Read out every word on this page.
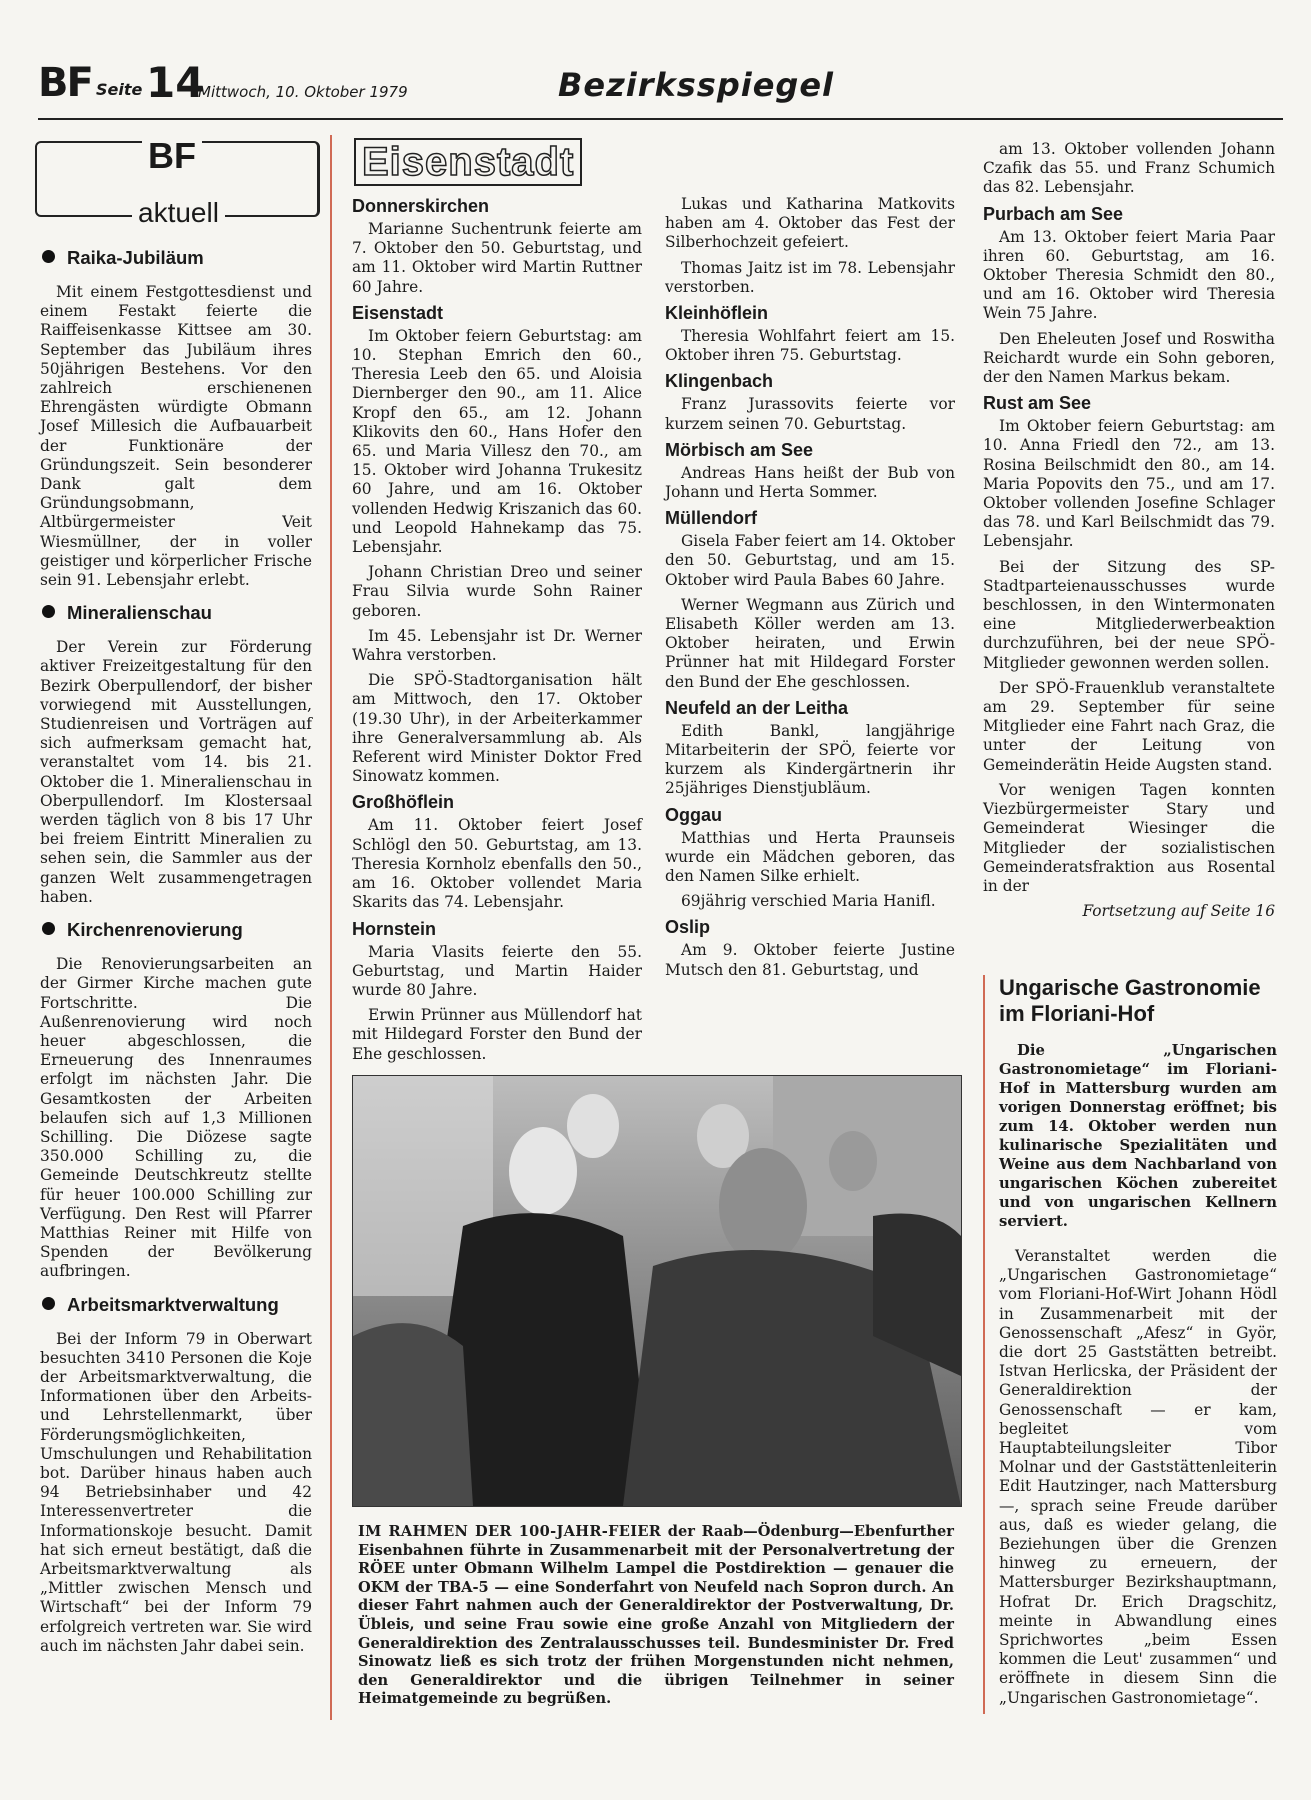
BF Seite 14
Mittwoch, 10. Oktober 1979	Bezirksspiegel
BF
aktuell
Raika-Jubiläum

Mit einem Festgottesdienst und einem Festakt feierte die Raiffeisenkasse Kittsee am 30. September das Jubiläum ihres 50jährigen Bestehens. Vor den zahlreich erschienenen Ehrengästen würdigte Obmann Josef Millesich die Aufbauarbeit der Funktionäre der Gründungszeit. Sein besonderer Dank galt dem Gründungsobmann, Altbürgermeister Veit Wiesmüllner, der in voller geistiger und körperlicher Frische sein 91. Lebensjahr erlebt.

Mineralienschau

Der Verein zur Förderung aktiver Freizeitgestaltung für den Bezirk Oberpullendorf, der bisher vorwiegend mit Ausstellungen, Studienreisen und Vorträgen auf sich aufmerksam gemacht hat, veranstaltet vom 14. bis 21. Oktober die 1. Mineralienschau in Oberpullendorf. Im Klostersaal werden täglich von 8 bis 17 Uhr bei freiem Eintritt Mineralien zu sehen sein, die Sammler aus der ganzen Welt zusammengetragen haben.

Kirchenrenovierung

Die Renovierungsarbeiten an der Girmer Kirche machen gute Fortschritte. Die Außenrenovierung wird noch heuer abgeschlossen, die Erneuerung des Innenraumes erfolgt im nächsten Jahr. Die Gesamtkosten der Arbeiten belaufen sich auf 1,3 Millionen Schilling. Die Diözese sagte 350.000 Schilling zu, die Gemeinde Deutschkreutz stellte für heuer 100.000 Schilling zur Verfügung. Den Rest will Pfarrer Matthias Reiner mit Hilfe von Spenden der Bevölkerung aufbringen.

Arbeitsmarktverwaltung

Bei der Inform 79 in Oberwart besuchten 3410 Personen die Koje der Arbeitsmarktverwaltung, die Informationen über den Arbeits- und Lehrstellenmarkt, über Förderungsmöglichkeiten, Umschulungen und Rehabilitation bot. Darüber hinaus haben auch 94 Betriebsinhaber und 42 Interessenvertreter die Informationskoje besucht. Damit hat sich erneut bestätigt, daß die Arbeitsmarktverwaltung als „Mittler zwischen Mensch und Wirtschaft“ bei der Inform 79 erfolgreich vertreten war. Sie wird auch im nächsten Jahr dabei sein.

Eisenstadt
Donnerskirchen

Marianne Suchentrunk feierte am 7. Oktober den 50. Geburtstag, und am 11. Oktober wird Martin Ruttner 60 Jahre.

Eisenstadt

Im Oktober feiern Geburtstag: am 10. Stephan Emrich den 60., Theresia Leeb den 65. und Aloisia Diernberger den 90., am 11. Alice Kropf den 65., am 12. Johann Klikovits den 60., Hans Hofer den 65. und Maria Villesz den 70., am 15. Oktober wird Johanna Trukesitz 60 Jahre, und am 16. Oktober vollenden Hedwig Kriszanich das 60. und Leopold Hahnekamp das 75. Lebensjahr.

Johann Christian Dreo und seiner Frau Silvia wurde Sohn Rainer geboren.

Im 45. Lebensjahr ist Dr. Werner Wahra verstorben.

Die SPÖ-Stadtorganisation hält am Mittwoch, den 17. Oktober (19.30 Uhr), in der Arbeiterkammer ihre Generalversammlung ab. Als Referent wird Minister Doktor Fred Sinowatz kommen.

Großhöflein

Am 11. Oktober feiert Josef Schlögl den 50. Geburtstag, am 13. Theresia Kornholz ebenfalls den 50., am 16. Oktober vollendet Maria Skarits das 74. Lebensjahr.

Hornstein

Maria Vlasits feierte den 55. Geburtstag, und Martin Haider wurde 80 Jahre.

Erwin Prünner aus Müllendorf hat mit Hildegard Forster den Bund der Ehe geschlossen.

Lukas und Katharina Matkovits haben am 4. Oktober das Fest der Silberhochzeit gefeiert.

Thomas Jaitz ist im 78. Lebensjahr verstorben.

Kleinhöflein

Theresia Wohlfahrt feiert am 15. Oktober ihren 75. Geburtstag.

Klingenbach

Franz Jurassovits feierte vor kurzem seinen 70. Geburtstag.

Mörbisch am See

Andreas Hans heißt der Bub von Johann und Herta Sommer.

Müllendorf

Gisela Faber feiert am 14. Oktober den 50. Geburtstag, und am 15. Oktober wird Paula Babes 60 Jahre.

Werner Wegmann aus Zürich und Elisabeth Köller werden am 13. Oktober heiraten, und Erwin Prünner hat mit Hildegard Forster den Bund der Ehe geschlossen.

Neufeld an der Leitha

Edith Bankl, langjährige Mitarbeiterin der SPÖ, feierte vor kurzem als Kindergärtnerin ihr 25jähriges Dienstjubläum.

Oggau

Matthias und Herta Praunseis wurde ein Mädchen geboren, das den Namen Silke erhielt.

69jährig verschied Maria Hanifl.

Oslip

Am 9. Oktober feierte Justine Mutsch den 81. Geburtstag, und

am 13. Oktober vollenden Johann Czafik das 55. und Franz Schumich das 82. Lebensjahr.

Purbach am See

Am 13. Oktober feiert Maria Paar ihren 60. Geburtstag, am 16. Oktober Theresia Schmidt den 80., und am 16. Oktober wird Theresia Wein 75 Jahre.

Den Eheleuten Josef und Roswitha Reichardt wurde ein Sohn geboren, der den Namen Markus bekam.

Rust am See

Im Oktober feiern Geburtstag: am 10. Anna Friedl den 72., am 13. Rosina Beilschmidt den 80., am 14. Maria Popovits den 75., und am 17. Oktober vollenden Josefine Schlager das 78. und Karl Beilschmidt das 79. Lebensjahr.

Bei der Sitzung des SP-Stadtparteienausschusses wurde beschlossen, in den Wintermonaten eine Mitgliederwerbeaktion durchzuführen, bei der neue SPÖ-Mitglieder gewonnen werden sollen.

Der SPÖ-Frauenklub veranstaltete am 29. September für seine Mitglieder eine Fahrt nach Graz, die unter der Leitung von Gemeinderätin Heide Augsten stand.

Vor wenigen Tagen konnten Viezbürgermeister Stary und Gemeinderat Wiesinger die Mitglieder der sozialistischen Gemeinderatsfraktion aus Rosental in der

Fortsetzung auf Seite 16

IM RAHMEN DER 100-JAHR-FEIER der Raab—Ödenburg—Ebenfurther Eisenbahnen führte in Zusammenarbeit mit der Personalvertretung der RÖEE unter Obmann Wilhelm Lampel die Postdirektion — genauer die OKM der TBA-5 — eine Sonderfahrt von Neufeld nach Sopron durch. An dieser Fahrt nahmen auch der Generaldirektor der Postverwaltung, Dr. Übleis, und seine Frau sowie eine große Anzahl von Mitgliedern der Generaldirektion des Zentralausschusses teil. Bundesminister Dr. Fred Sinowatz ließ es sich trotz der frühen Morgenstunden nicht nehmen, den Generaldirektor und die übrigen Teilnehmer in seiner Heimatgemeinde zu begrüßen.

Ungarische Gastronomie im Floriani-Hof

Die „Ungarischen Gastronomietage“ im Floriani-Hof in Mattersburg wurden am vorigen Donnerstag eröffnet; bis zum 14. Oktober werden nun kulinarische Spezialitäten und Weine aus dem Nachbarland von ungarischen Köchen zubereitet und von ungarischen Kellnern serviert.

Veranstaltet werden die „Ungarischen Gastronomietage“ vom Floriani-Hof-Wirt Johann Hödl in Zusammenarbeit mit der Genossenschaft „Afesz“ in Györ, die dort 25 Gaststätten betreibt. Istvan Herlicska, der Präsident der Generaldirektion der Genossenschaft — er kam, begleitet vom Hauptabteilungsleiter Tibor Molnar und der Gaststättenleiterin Edit Hautzinger, nach Mattersburg —, sprach seine Freude darüber aus, daß es wieder gelang, die Beziehungen über die Grenzen hinweg zu erneuern, der Mattersburger Bezirkshauptmann, Hofrat Dr. Erich Dragschitz, meinte in Abwandlung eines Sprichwortes „beim Essen kommen die Leut' zusammen“ und eröffnete in diesem Sinn die „Ungarischen Gastronomietage“.
